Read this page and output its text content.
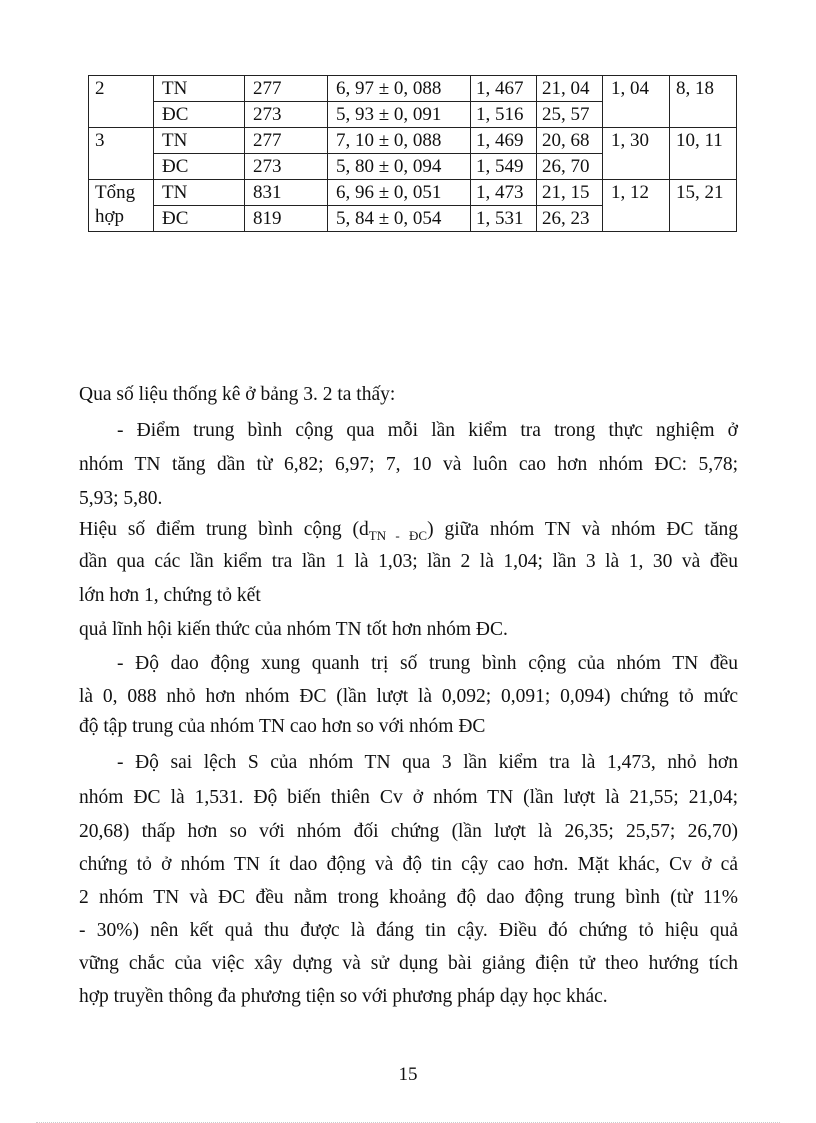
2	TN	277	6, 97 ± 0, 088	1, 467	21, 04	1, 04	8, 18
	ĐC	273	5, 93 ± 0, 091	1, 516	25, 57		
3	TN	277	7, 10 ± 0, 088	1, 469	20, 68	1, 30	10, 11
	ĐC	273	5, 80 ± 0, 094	1, 549	26, 70		
Tổng hợp	TN	831	6, 96 ± 0, 051	1, 473	21, 15	1, 12	15, 21
	ĐC	819	5, 84 ± 0, 054	1, 531	26, 23		
Qua số liệu thống kê ở bảng 3. 2 ta thấy:
- Điểm trung bình cộng qua mỗi lần kiểm tra trong thực nghiệm ở
nhóm TN tăng dần từ 6,82; 6,97; 7, 10 và luôn cao hơn nhóm ĐC: 5,78;
5,93; 5,80.
Hiệu số điểm trung bình cộng $(d_{TN - ĐC})$ giữa nhóm TN và nhóm ĐC tăng
dần qua các lần kiểm tra lần 1 là 1,03; lần 2 là 1,04; lần 3 là 1, 30 và đều
lớn hơn 1, chứng tỏ kết
quả lĩnh hội kiến thức của nhóm TN tốt hơn nhóm ĐC.
- Độ dao động xung quanh trị số trung bình cộng của nhóm TN đều
là 0, 088 nhỏ hơn nhóm ĐC (lần lượt là 0,092; 0,091; 0,094) chứng tỏ mức
độ tập trung của nhóm TN cao hơn so với nhóm ĐC
- Độ sai lệch S của nhóm TN qua 3 lần kiểm tra là 1,473, nhỏ hơn
nhóm ĐC là 1,531. Độ biến thiên Cv ở nhóm TN (lần lượt là 21,55; 21,04;
20,68) thấp hơn so với nhóm đối chứng (lần lượt là 26,35; 25,57; 26,70)
chứng tỏ ở nhóm TN ít dao động và độ tin cậy cao hơn. Mặt khác, Cv ở cả
2 nhóm TN và ĐC đều nằm trong khoảng độ dao động trung bình (từ 11%
- 30%) nên kết quả thu được là đáng tin cậy. Điều đó chứng tỏ hiệu quả
vững chắc của việc xây dựng và sử dụng bài giảng điện tử theo hướng tích
hợp truyền thông đa phương tiện so với phương pháp dạy học khác.
15
